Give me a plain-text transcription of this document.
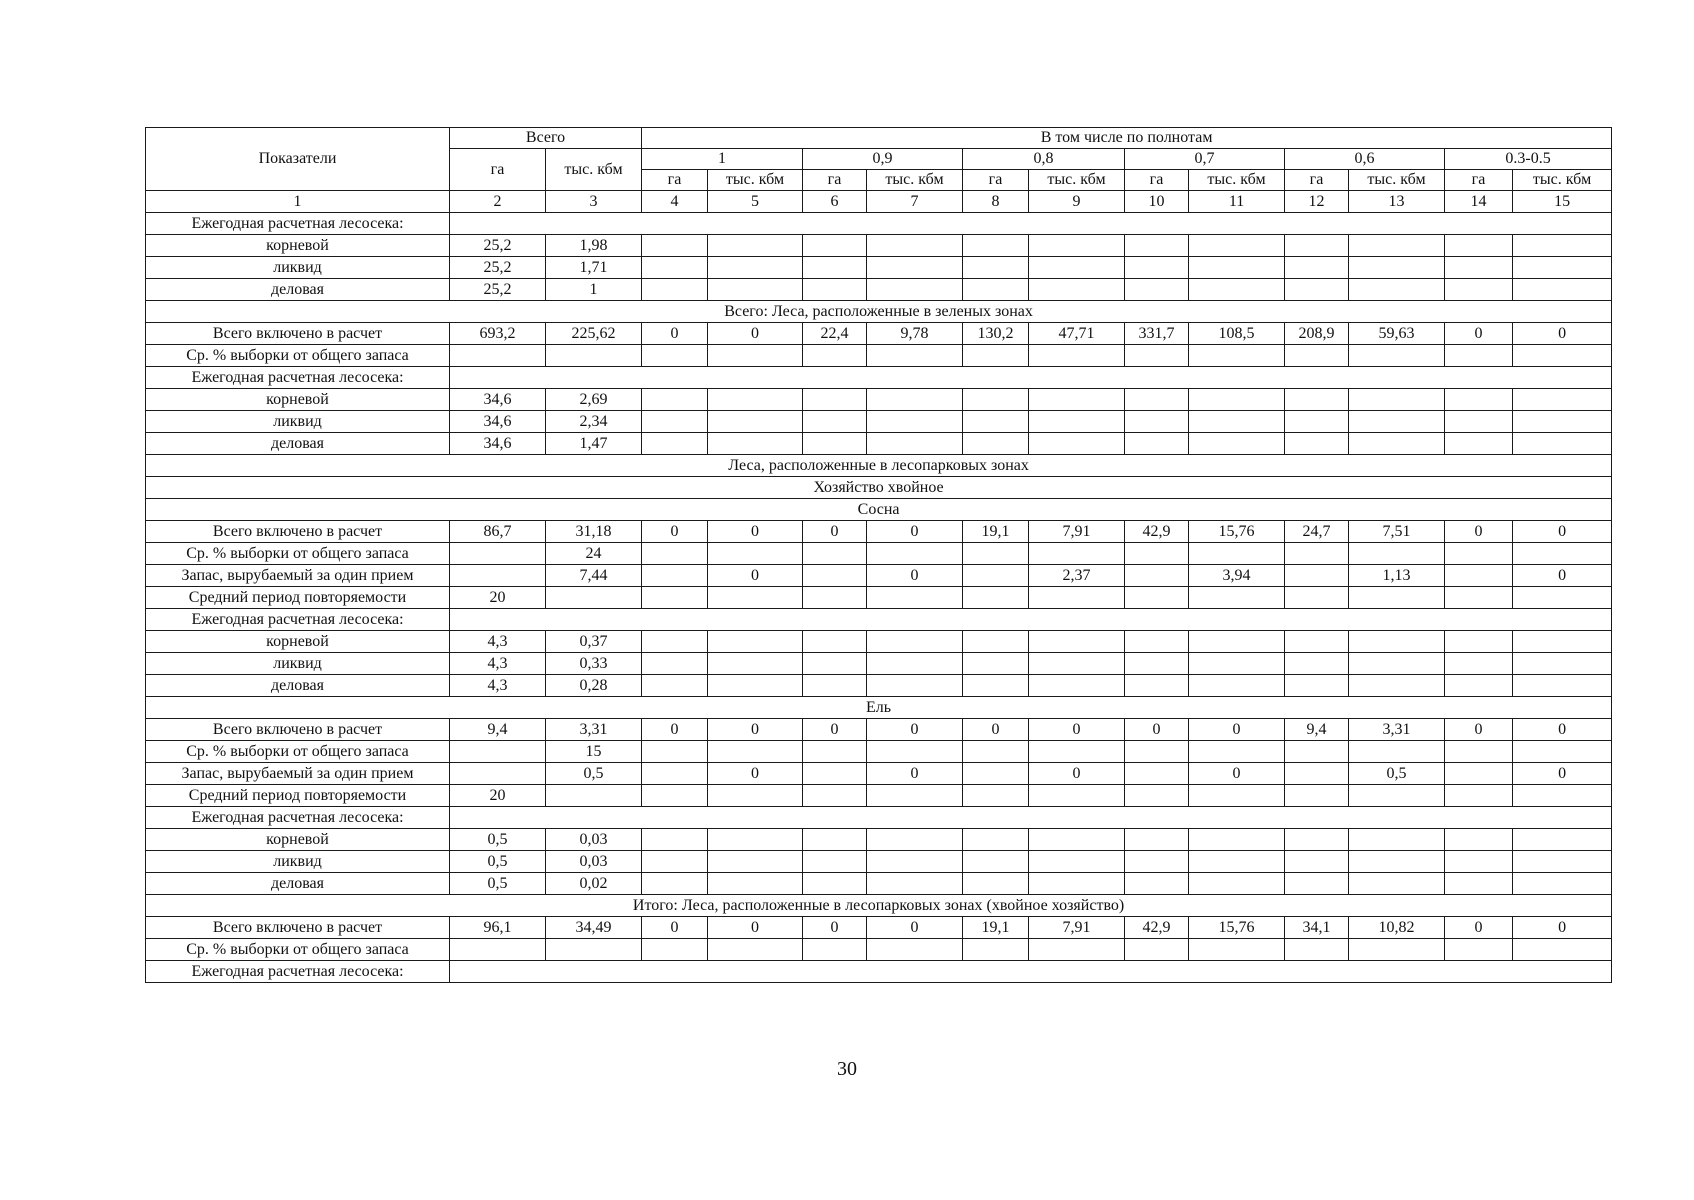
Показатели	Всего		В том числе по полнотам											
	га	тыс. кбм	1		0,9		0,8		0,7		0,6		0.3-0.5	
			га	тыс. кбм	га	тыс. кбм	га	тыс. кбм	га	тыс. кбм	га	тыс. кбм	га	тыс. кбм
1	2	3	4	5	6	7	8	9	10	11	12	13	14	15
Ежегодная расчетная лесосека:														
корневой	25,2	1,98												
ликвид	25,2	1,71												
деловая	25,2	1												
Всего: Леса, расположенные в зеленых зонах														
Всего включено в расчет	693,2	225,62	0	0	22,4	9,78	130,2	47,71	331,7	108,5	208,9	59,63	0	0
Ср. % выборки от общего запаса														
Ежегодная расчетная лесосека:														
корневой	34,6	2,69												
ликвид	34,6	2,34												
деловая	34,6	1,47												
Леса, расположенные в лесопарковых зонах														
Хозяйство хвойное														
Сосна														
Всего включено в расчет	86,7	31,18	0	0	0	0	19,1	7,91	42,9	15,76	24,7	7,51	0	0
Ср. % выборки от общего запаса		24												
Запас, вырубаемый за один прием		7,44		0		0		2,37		3,94		1,13		0
Средний период повторяемости	20													
Ежегодная расчетная лесосека:														
корневой	4,3	0,37												
ликвид	4,3	0,33												
деловая	4,3	0,28												
Ель														
Всего включено в расчет	9,4	3,31	0	0	0	0	0	0	0	0	9,4	3,31	0	0
Ср. % выборки от общего запаса		15												
Запас, вырубаемый за один прием		0,5		0		0		0		0		0,5		0
Средний период повторяемости	20													
Ежегодная расчетная лесосека:														
корневой	0,5	0,03												
ликвид	0,5	0,03												
деловая	0,5	0,02												
Итого: Леса, расположенные в лесопарковых зонах (хвойное хозяйство)														
Всего включено в расчет	96,1	34,49	0	0	0	0	19,1	7,91	42,9	15,76	34,1	10,82	0	0
Ср. % выборки от общего запаса														
Ежегодная расчетная лесосека:														
30
